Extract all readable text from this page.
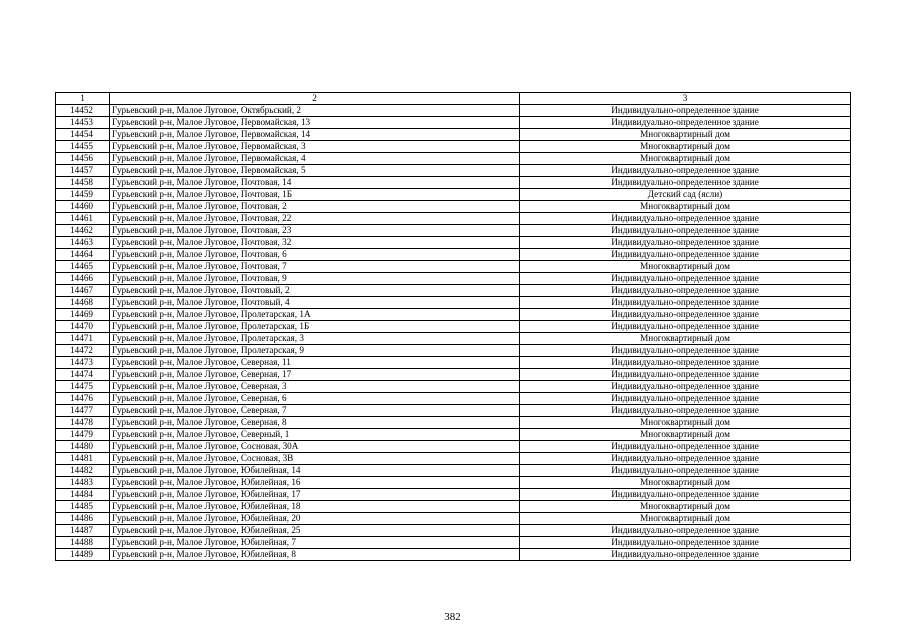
1	2	3
14452	Гурьевский р-н, Малое Луговое, Октябрьский, 2	Индивидуально-определенное здание
14453	Гурьевский р-н, Малое Луговое, Первомайская, 13	Индивидуально-определенное здание
14454	Гурьевский р-н, Малое Луговое, Первомайская, 14	Многоквартирный дом
14455	Гурьевский р-н, Малое Луговое, Первомайская, 3	Многоквартирный дом
14456	Гурьевский р-н, Малое Луговое, Первомайская, 4	Многоквартирный дом
14457	Гурьевский р-н, Малое Луговое, Первомайская, 5	Индивидуально-определенное здание
14458	Гурьевский р-н, Малое Луговое, Почтовая, 14	Индивидуально-определенное здание
14459	Гурьевский р-н, Малое Луговое, Почтовая, 1Б	Детский сад (ясли)
14460	Гурьевский р-н, Малое Луговое, Почтовая, 2	Многоквартирный дом
14461	Гурьевский р-н, Малое Луговое, Почтовая, 22	Индивидуально-определенное здание
14462	Гурьевский р-н, Малое Луговое, Почтовая, 23	Индивидуально-определенное здание
14463	Гурьевский р-н, Малое Луговое, Почтовая, 32	Индивидуально-определенное здание
14464	Гурьевский р-н, Малое Луговое, Почтовая, 6	Индивидуально-определенное здание
14465	Гурьевский р-н, Малое Луговое, Почтовая, 7	Многоквартирный дом
14466	Гурьевский р-н, Малое Луговое, Почтовая, 9	Индивидуально-определенное здание
14467	Гурьевский р-н, Малое Луговое, Почтовый, 2	Индивидуально-определенное здание
14468	Гурьевский р-н, Малое Луговое, Почтовый, 4	Индивидуально-определенное здание
14469	Гурьевский р-н, Малое Луговое, Пролетарская, 1А	Индивидуально-определенное здание
14470	Гурьевский р-н, Малое Луговое, Пролетарская, 1Б	Индивидуально-определенное здание
14471	Гурьевский р-н, Малое Луговое, Пролетарская, 3	Многоквартирный дом
14472	Гурьевский р-н, Малое Луговое, Пролетарская, 9	Индивидуально-определенное здание
14473	Гурьевский р-н, Малое Луговое, Северная, 11	Индивидуально-определенное здание
14474	Гурьевский р-н, Малое Луговое, Северная, 17	Индивидуально-определенное здание
14475	Гурьевский р-н, Малое Луговое, Северная, 3	Индивидуально-определенное здание
14476	Гурьевский р-н, Малое Луговое, Северная, 6	Индивидуально-определенное здание
14477	Гурьевский р-н, Малое Луговое, Северная, 7	Индивидуально-определенное здание
14478	Гурьевский р-н, Малое Луговое, Северная, 8	Многоквартирный дом
14479	Гурьевский р-н, Малое Луговое, Северный, 1	Многоквартирный дом
14480	Гурьевский р-н, Малое Луговое, Сосновая, 30А	Индивидуально-определенное здание
14481	Гурьевский р-н, Малое Луговое, Сосновая, 3В	Индивидуально-определенное здание
14482	Гурьевский р-н, Малое Луговое, Юбилейная, 14	Индивидуально-определенное здание
14483	Гурьевский р-н, Малое Луговое, Юбилейная, 16	Многоквартирный дом
14484	Гурьевский р-н, Малое Луговое, Юбилейная, 17	Индивидуально-определенное здание
14485	Гурьевский р-н, Малое Луговое, Юбилейная, 18	Многоквартирный дом
14486	Гурьевский р-н, Малое Луговое, Юбилейная, 20	Многоквартирный дом
14487	Гурьевский р-н, Малое Луговое, Юбилейная, 25	Индивидуально-определенное здание
14488	Гурьевский р-н, Малое Луговое, Юбилейная, 7	Индивидуально-определенное здание
14489	Гурьевский р-н, Малое Луговое, Юбилейная, 8	Индивидуально-определенное здание
382
